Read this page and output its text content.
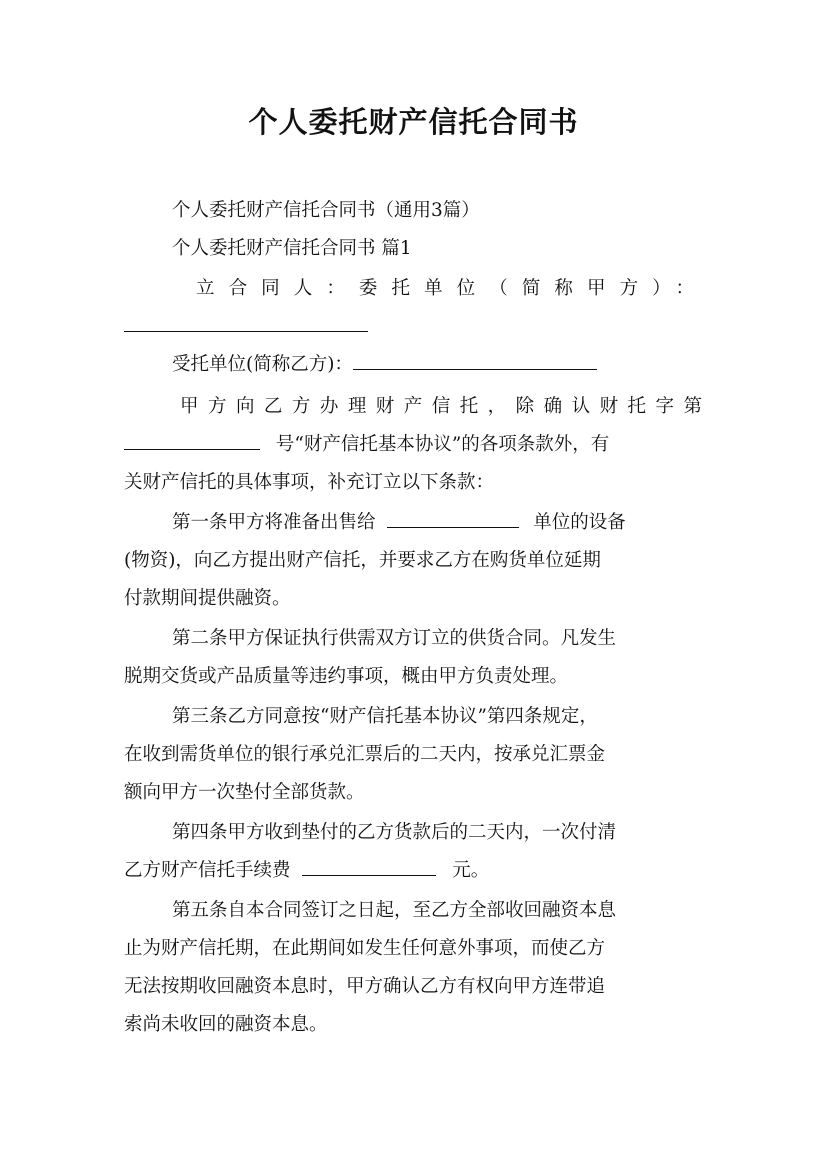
个人委托财产信托合同书
个人委托财产信托合同书（通用3篇）
个人委托财产信托合同书 篇1
立合同人：委托单位（简称甲方）：
受托单位(简称乙方)：
甲方向乙方办理财产信托，除确认财托字第
号“财产信托基本协议”的各项条款外，有
关财产信托的具体事项，补充订立以下条款：
第一条甲方将准备出售给	单位的设备
(物资)，向乙方提出财产信托，并要求乙方在购货单位延期
付款期间提供融资。
第二条甲方保证执行供需双方订立的供货合同。凡发生
脱期交货或产品质量等违约事项，概由甲方负责处理。
第三条乙方同意按“财产信托基本协议”第四条规定，
在收到需货单位的银行承兑汇票后的二天内，按承兑汇票金
额向甲方一次垫付全部货款。
第四条甲方收到垫付的乙方货款后的二天内，一次付清
乙方财产信托手续费	元。
第五条自本合同签订之日起，至乙方全部收回融资本息
止为财产信托期，在此期间如发生任何意外事项，而使乙方
无法按期收回融资本息时，甲方确认乙方有权向甲方连带追
索尚未收回的融资本息。
